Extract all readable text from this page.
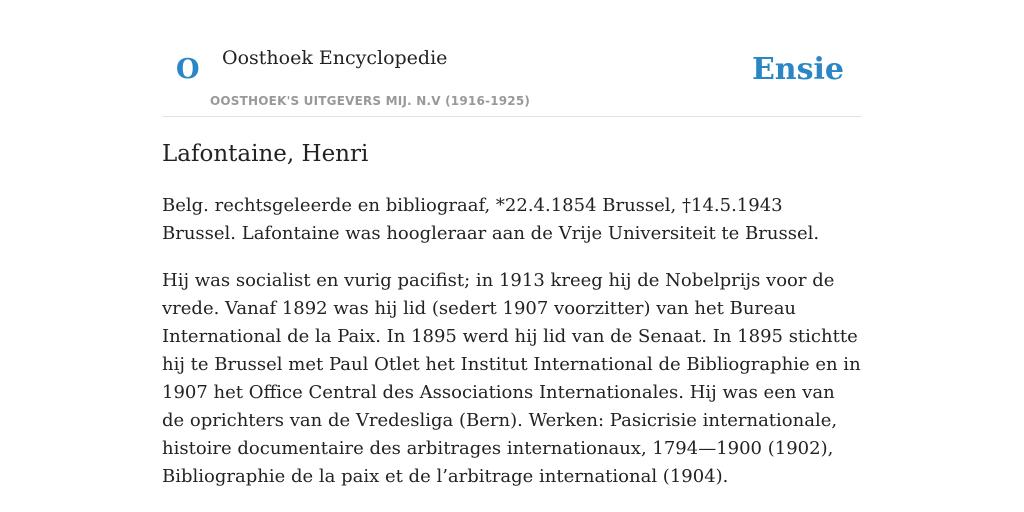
O Oosthoek Encyclopedie
OOSTHOEK'S UITGEVERS MIJ. N.V (1916-1925)
Ensie
Lafontaine, Henri

Belg. rechtsgeleerde en bibliograaf, *22.4.1854 Brussel, †14.5.1943 Brussel. Lafontaine was hoogleraar aan de Vrije Universiteit te Brussel.

Hij was socialist en vurig pacifist; in 1913 kreeg hij de Nobelprijs voor de vrede. Vanaf 1892 was hij lid (sedert 1907 voorzitter) van het Bureau International de la Paix. In 1895 werd hij lid van de Senaat. In 1895 stichtte hij te Brussel met Paul Otlet het Institut International de Bibliographie en in 1907 het Office Central des Associations Internationales. Hij was een van de oprichters van de Vredesliga (Bern). Werken: Pasicrisie internationale, histoire documentaire des arbitrages internationaux, 1794—1900 (1902), Bibliographie de la paix et de l’arbitrage international (1904).
